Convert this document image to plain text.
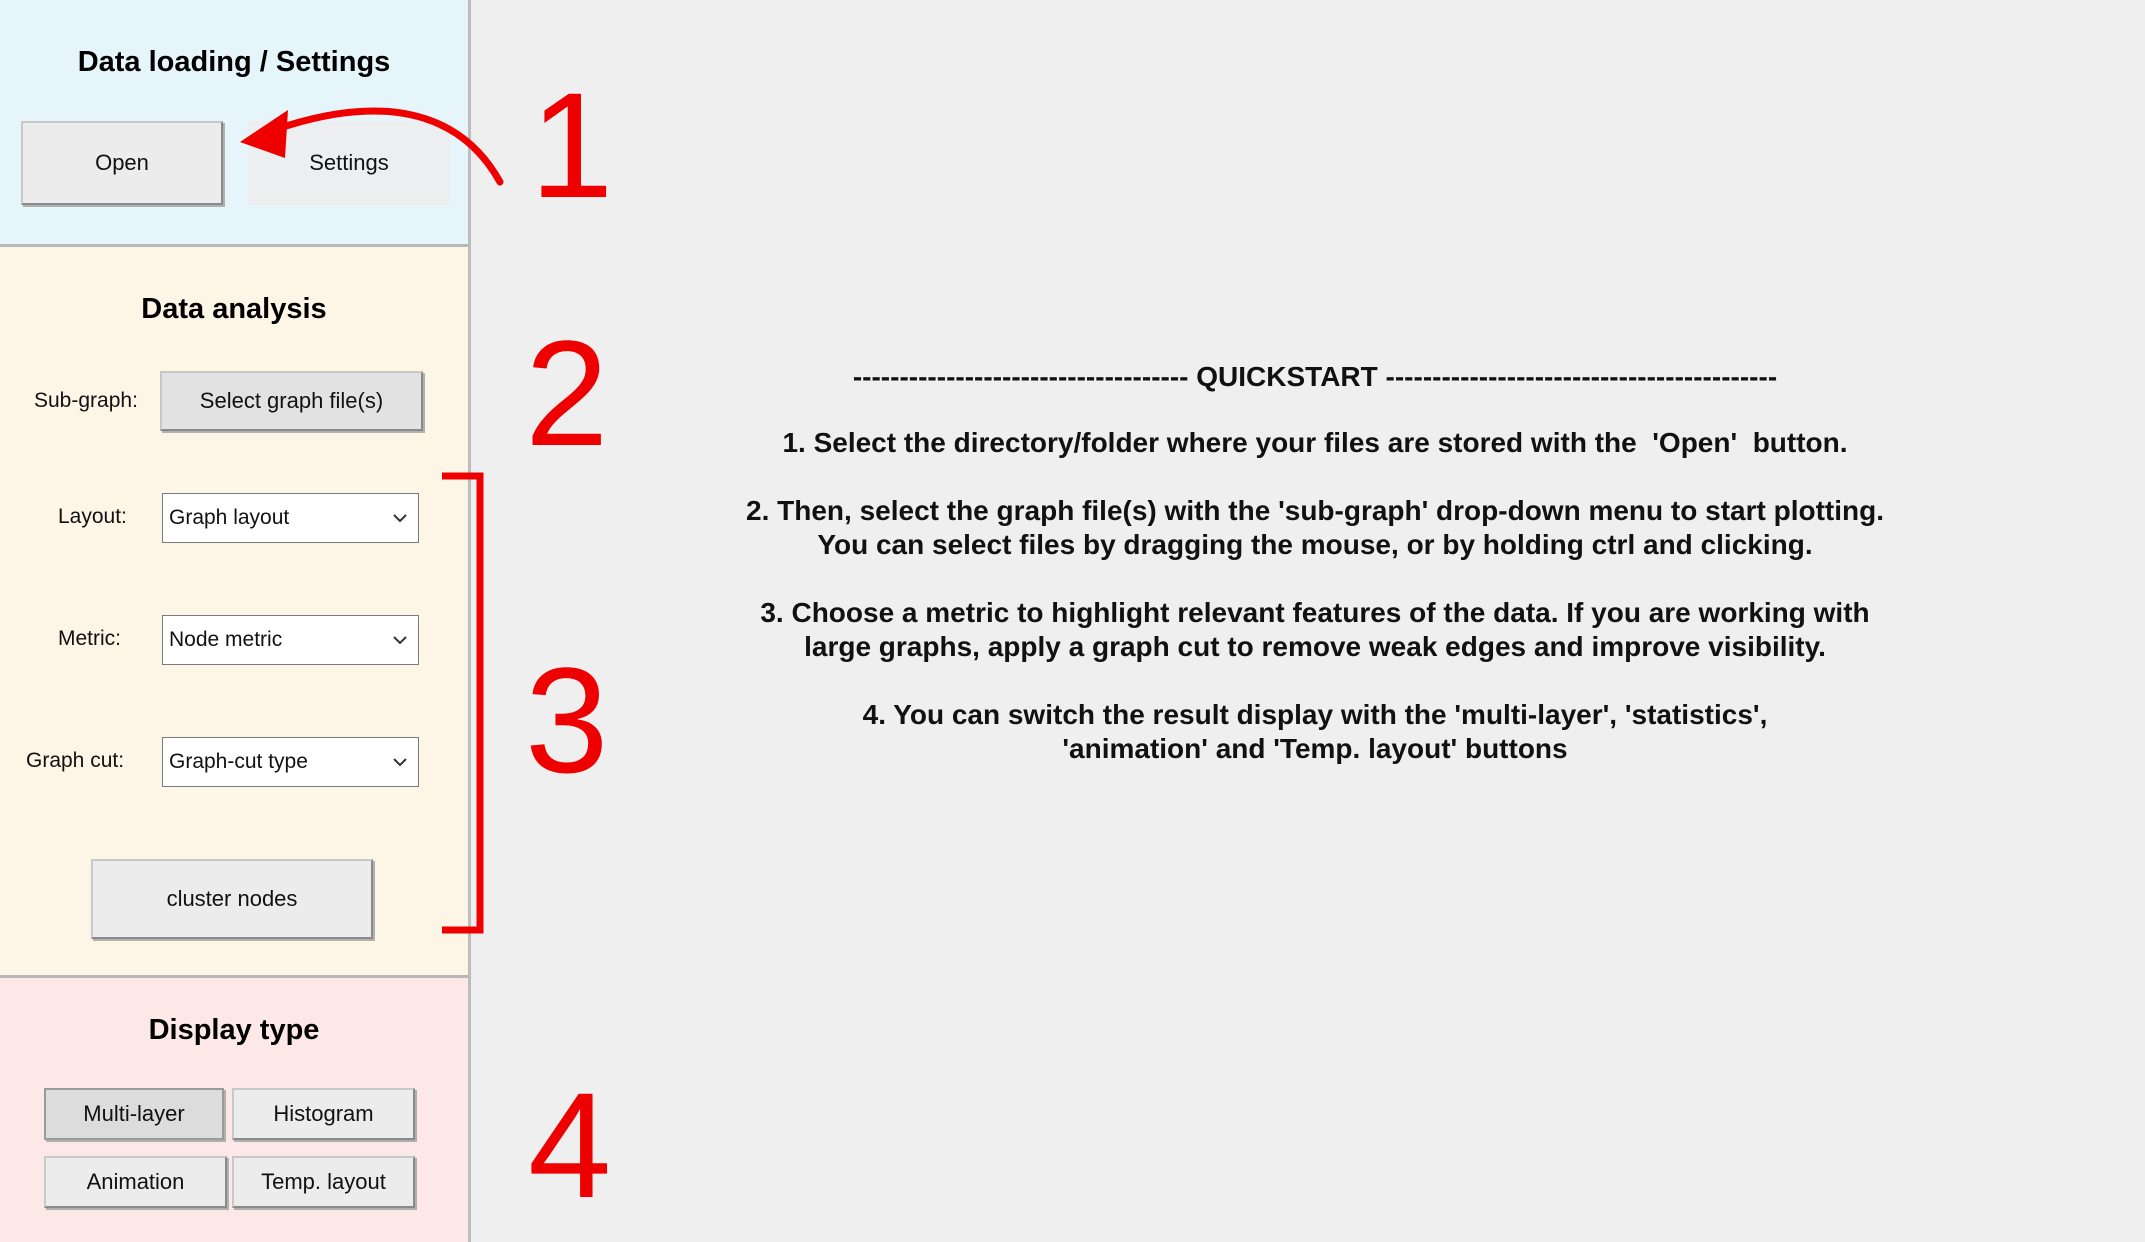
Data loading / Settings
Open	Settings
Data analysis
Sub-graph:	Select graph file(s)
Layout: Graph layout
Metric: Node metric
Graph cut: Graph-cut type
cluster nodes
Display type
Multi-layer	Histogram
Animation	Temp. layout
1
2
3
4
------------------------------------ QUICKSTART ------------------------------------------
1. Select the directory/folder where your files are stored with the  'Open'  button.
2. Then, select the graph file(s) with the 'sub-graph' drop-down menu to start plotting.
You can select files by dragging the mouse, or by holding ctrl and clicking.
3. Choose a metric to highlight relevant features of the data. If you are working with
large graphs, apply a graph cut to remove weak edges and improve visibility.
4. You can switch the result display with the 'multi-layer', 'statistics',
'animation' and 'Temp. layout' buttons
